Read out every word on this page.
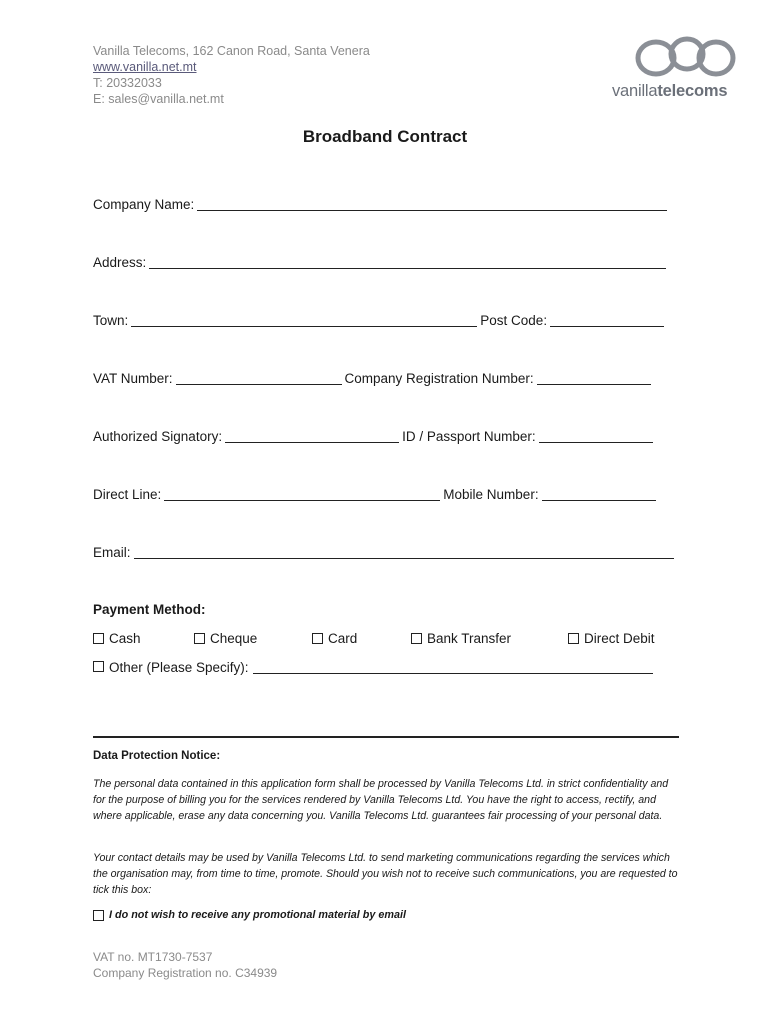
Vanilla Telecoms, 162 Canon Road, Santa Venera
www.vanilla.net.mt
T: 20332033
E: sales@vanilla.net.mt	vanillatelecoms
Broadband Contract
Company Name:
Address:
Town:	Post Code:
VAT Number:	Company Registration Number:
Authorized Signatory:	ID / Passport Number:
Direct Line:	Mobile Number:
Email:
Payment Method:
Cash	Cheque	Card	Bank Transfer	Direct Debit
Other (Please Specify):
Data Protection Notice:
The personal data contained in this application form shall be processed by Vanilla Telecoms Ltd. in strict confidentiality and for the purpose of billing you for the services rendered by Vanilla Telecoms Ltd. You have the right to access, rectify, and where applicable, erase any data concerning you. Vanilla Telecoms Ltd. guarantees fair processing of your personal data.
Your contact details may be used by Vanilla Telecoms Ltd. to send marketing communications regarding the services which the organisation may, from time to time, promote. Should you wish not to receive such communications, you are requested to tick this box:
I do not wish to receive any promotional material by email
VAT no. MT1730-7537
Company Registration no. C34939
